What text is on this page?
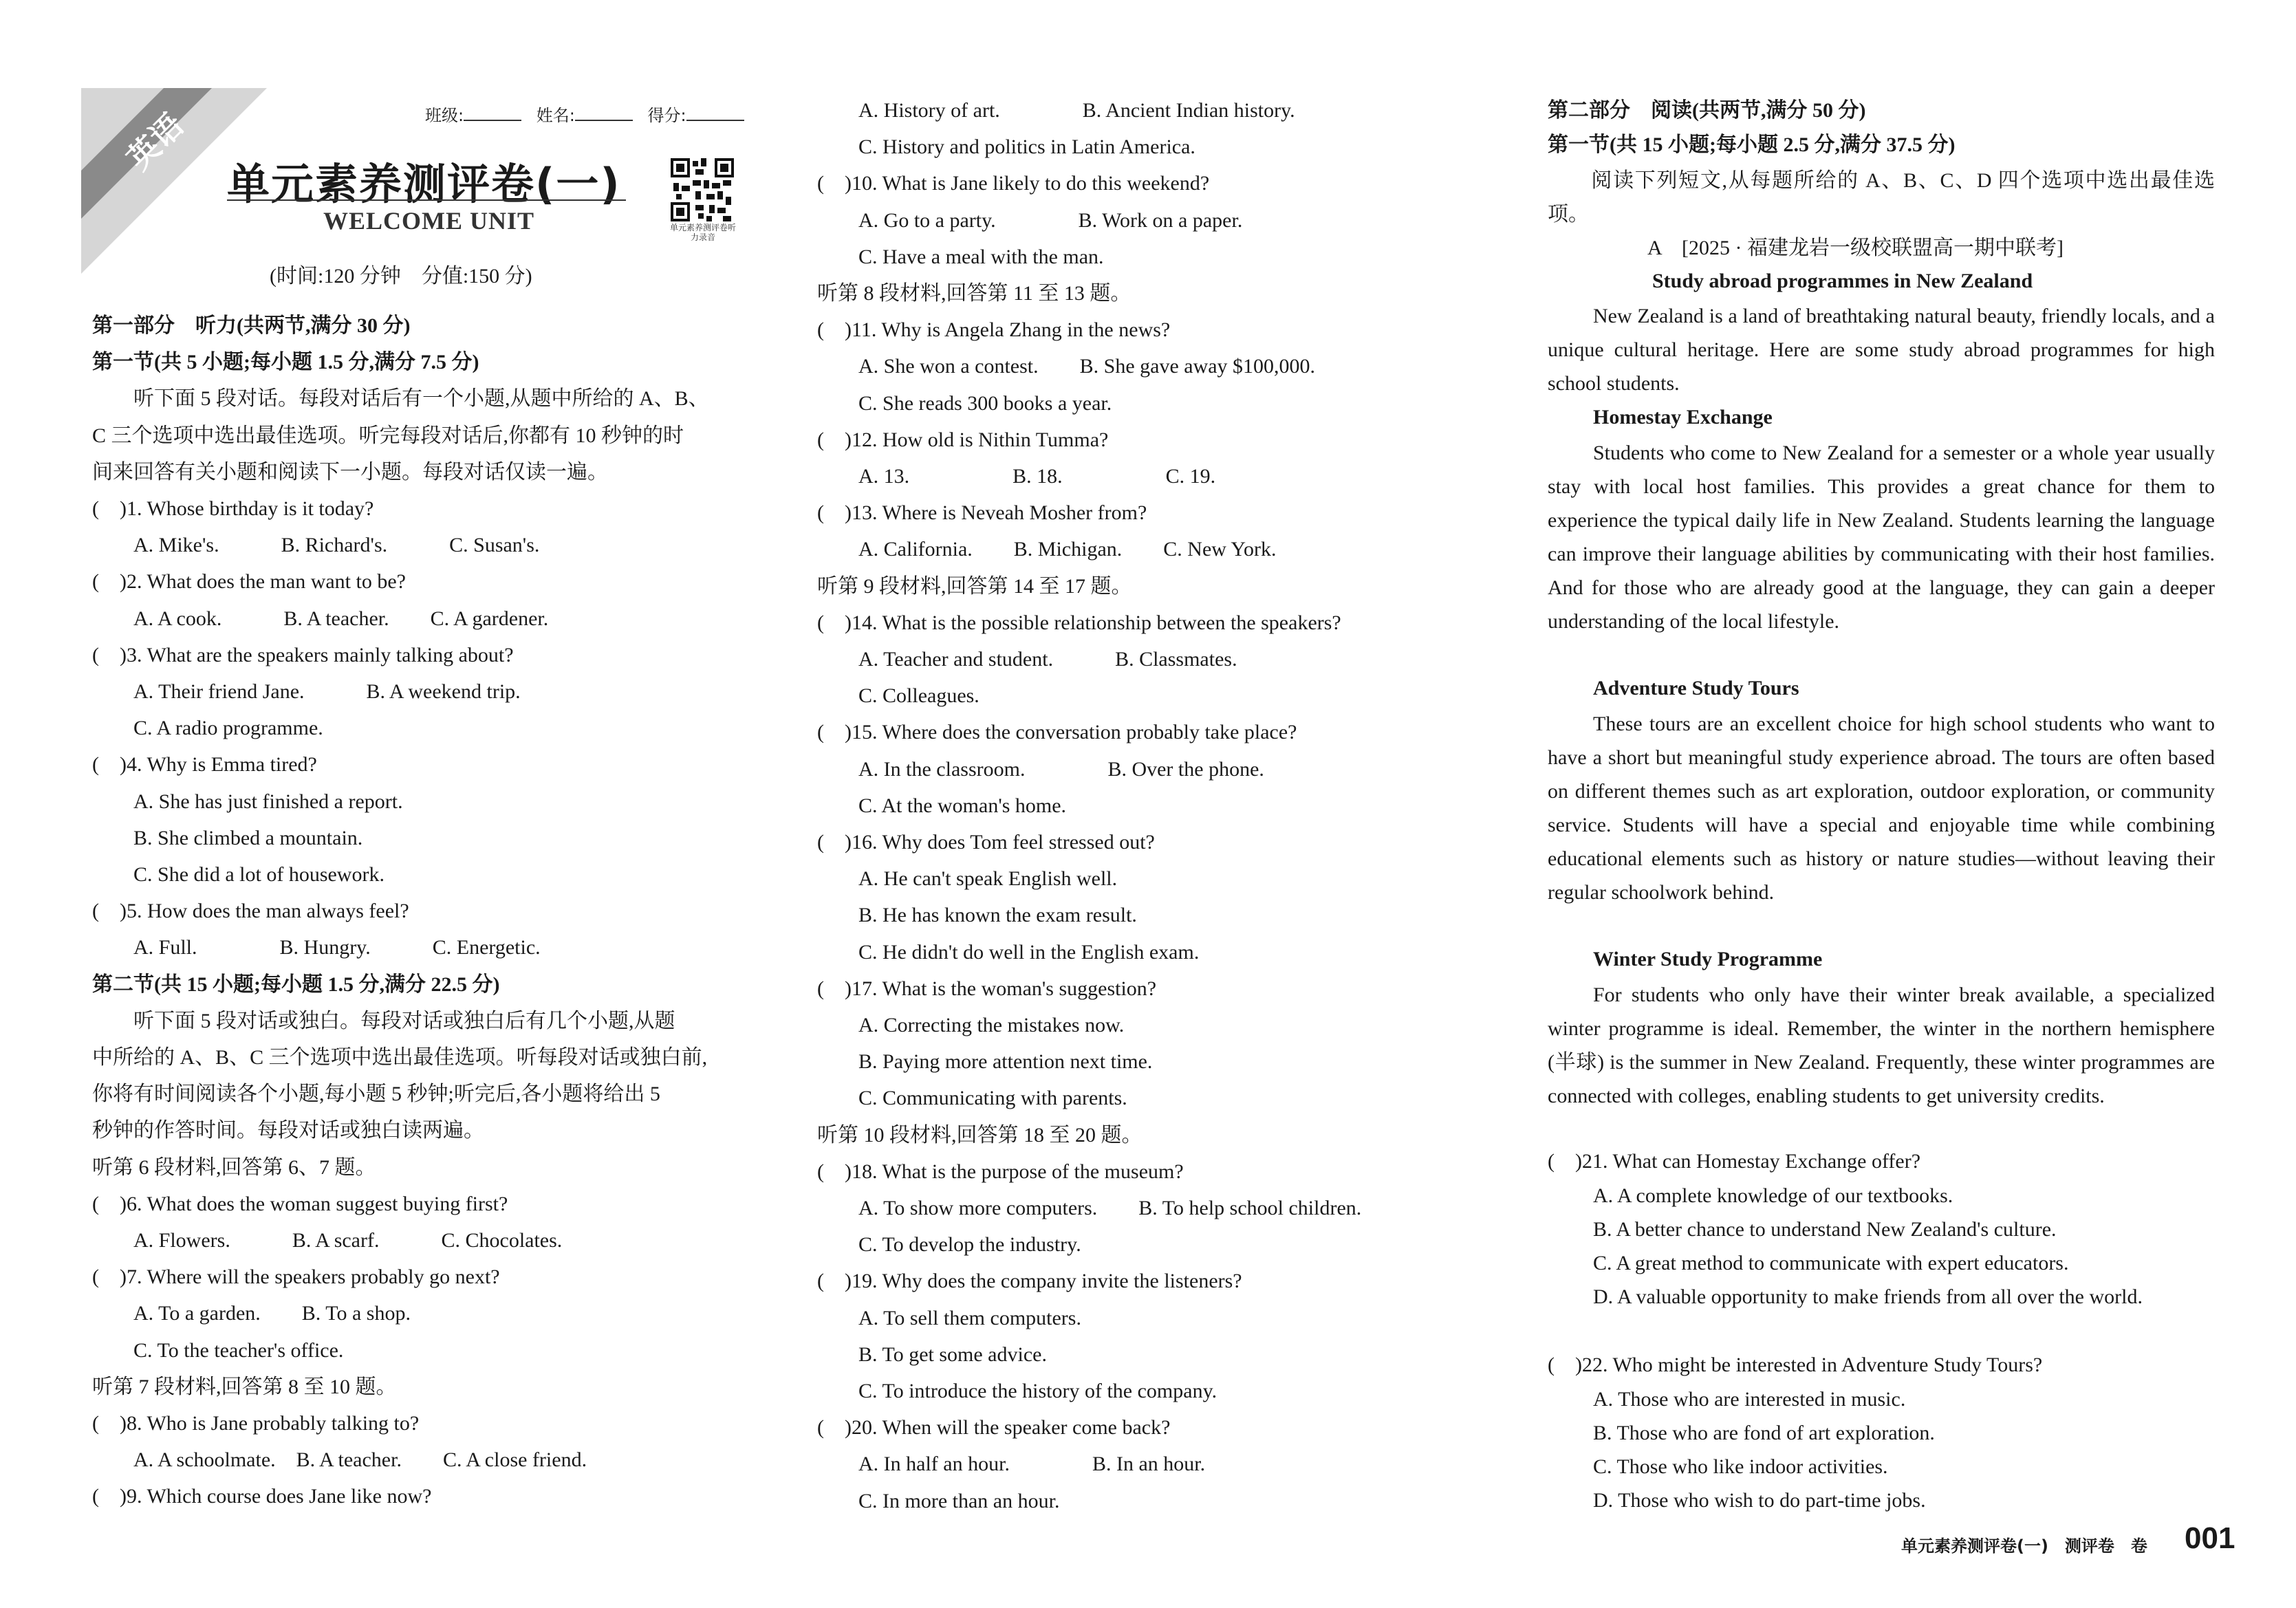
英语	班级:	姓名:	得分:
单元素养测评卷(一)
WELCOME UNIT	单元素养测评卷听力录音
(时间:120 分钟　分值:150 分)
第一部分　听力(共两节,满分 30 分)
第一节(共 5 小题;每小题 1.5 分,满分 7.5 分)
　　听下面 5 段对话。每段对话后有一个小题,从题中所给的 A、B、
C 三个选项中选出最佳选项。听完每段对话后,你都有 10 秒钟的时
间来回答有关小题和阅读下一小题。每段对话仅读一遍。
(　)1. Whose birthday is it today?
　　A. Mike's.　　　B. Richard's.　　　C. Susan's.
(　)2. What does the man want to be?
　　A. A cook.　　　B. A teacher.　　C. A gardener.
(　)3. What are the speakers mainly talking about?
　　A. Their friend Jane.　　　B. A weekend trip.
　　C. A radio programme.
(　)4. Why is Emma tired?
　　A. She has just finished a report.
　　B. She climbed a mountain.
　　C. She did a lot of housework.
(　)5. How does the man always feel?
　　A. Full.　　　　B. Hungry.　　　C. Energetic.
第二节(共 15 小题;每小题 1.5 分,满分 22.5 分)
　　听下面 5 段对话或独白。每段对话或独白后有几个小题,从题
中所给的 A、B、C 三个选项中选出最佳选项。听每段对话或独白前,
你将有时间阅读各个小题,每小题 5 秒钟;听完后,各小题将给出 5
秒钟的作答时间。每段对话或独白读两遍。
听第 6 段材料,回答第 6、7 题。
(　)6. What does the woman suggest buying first?
　　A. Flowers.　　　B. A scarf.　　　C. Chocolates.
(　)7. Where will the speakers probably go next?
　　A. To a garden.　　B. To a shop.
　　C. To the teacher's office.
听第 7 段材料,回答第 8 至 10 题。
(　)8. Who is Jane probably talking to?
　　A. A schoolmate.　B. A teacher.　　C. A close friend.
(　)9. Which course does Jane like now?
　　A. History of art.　　　　B. Ancient Indian history.
　　C. History and politics in Latin America.
(　)10. What is Jane likely to do this weekend?
　　A. Go to a party.　　　　B. Work on a paper.
　　C. Have a meal with the man.
听第 8 段材料,回答第 11 至 13 题。
(　)11. Why is Angela Zhang in the news?
　　A. She won a contest.　　B. She gave away $100,000.
　　C. She reads 300 books a year.
(　)12. How old is Nithin Tumma?
　　A. 13.　　　　　B. 18.　　　　　C. 19.
(　)13. Where is Neveah Mosher from?
　　A. California.　　B. Michigan.　　C. New York.
听第 9 段材料,回答第 14 至 17 题。
(　)14. What is the possible relationship between the speakers?
　　A. Teacher and student.　　　B. Classmates.
　　C. Colleagues.
(　)15. Where does the conversation probably take place?
　　A. In the classroom.　　　　B. Over the phone.
　　C. At the woman's home.
(　)16. Why does Tom feel stressed out?
　　A. He can't speak English well.
　　B. He has known the exam result.
　　C. He didn't do well in the English exam.
(　)17. What is the woman's suggestion?
　　A. Correcting the mistakes now.
　　B. Paying more attention next time.
　　C. Communicating with parents.
听第 10 段材料,回答第 18 至 20 题。
(　)18. What is the purpose of the museum?
　　A. To show more computers.　　B. To help school children.
　　C. To develop the industry.
(　)19. Why does the company invite the listeners?
　　A. To sell them computers.
　　B. To get some advice.
　　C. To introduce the history of the company.
(　)20. When will the speaker come back?
　　A. In half an hour.　　　　B. In an hour.
　　C. In more than an hour.
第二部分　阅读(共两节,满分 50 分)
第一节(共 15 小题;每小题 2.5 分,满分 37.5 分)
　　阅读下列短文,从每题所给的 A、B、C、D 四个选项中选出最佳选项。
A　[2025 · 福建龙岩一级校联盟高一期中联考]
Study abroad programmes in New Zealand
New Zealand is a land of breathtaking natural beauty, friendly locals, and a unique cultural heritage. Here are some study abroad programmes for high school students.
Homestay Exchange
Students who come to New Zealand for a semester or a whole year usually stay with local host families. This provides a great chance for them to experience the typical daily life in New Zealand. Students learning the language can improve their language abilities by communicating with their host families. And for those who are already good at the language, they can gain a deeper understanding of the local lifestyle.
Adventure Study Tours
These tours are an excellent choice for high school students who want to have a short but meaningful study experience abroad. The tours are often based on different themes such as art exploration, outdoor exploration, or community service. Students will have a special and enjoyable time while combining educational elements such as history or nature studies—without leaving their regular schoolwork behind.
Winter Study Programme
For students who only have their winter break available, a specialized winter programme is ideal. Remember, the winter in the northern hemisphere (半球) is the summer in New Zealand. Frequently, these winter programmes are connected with colleges, enabling students to get university credits.
(　)21. What can Homestay Exchange offer?
A. A complete knowledge of our textbooks.
B. A better chance to understand New Zealand's culture.
C. A great method to communicate with expert educators.
D. A valuable opportunity to make friends from all over the world.
(　)22. Who might be interested in Adventure Study Tours?
A. Those who are interested in music.
B. Those who are fond of art exploration.
C. Those who like indoor activities.
D. Those who wish to do part-time jobs.
单元素养测评卷(一)　测评卷　卷 001
